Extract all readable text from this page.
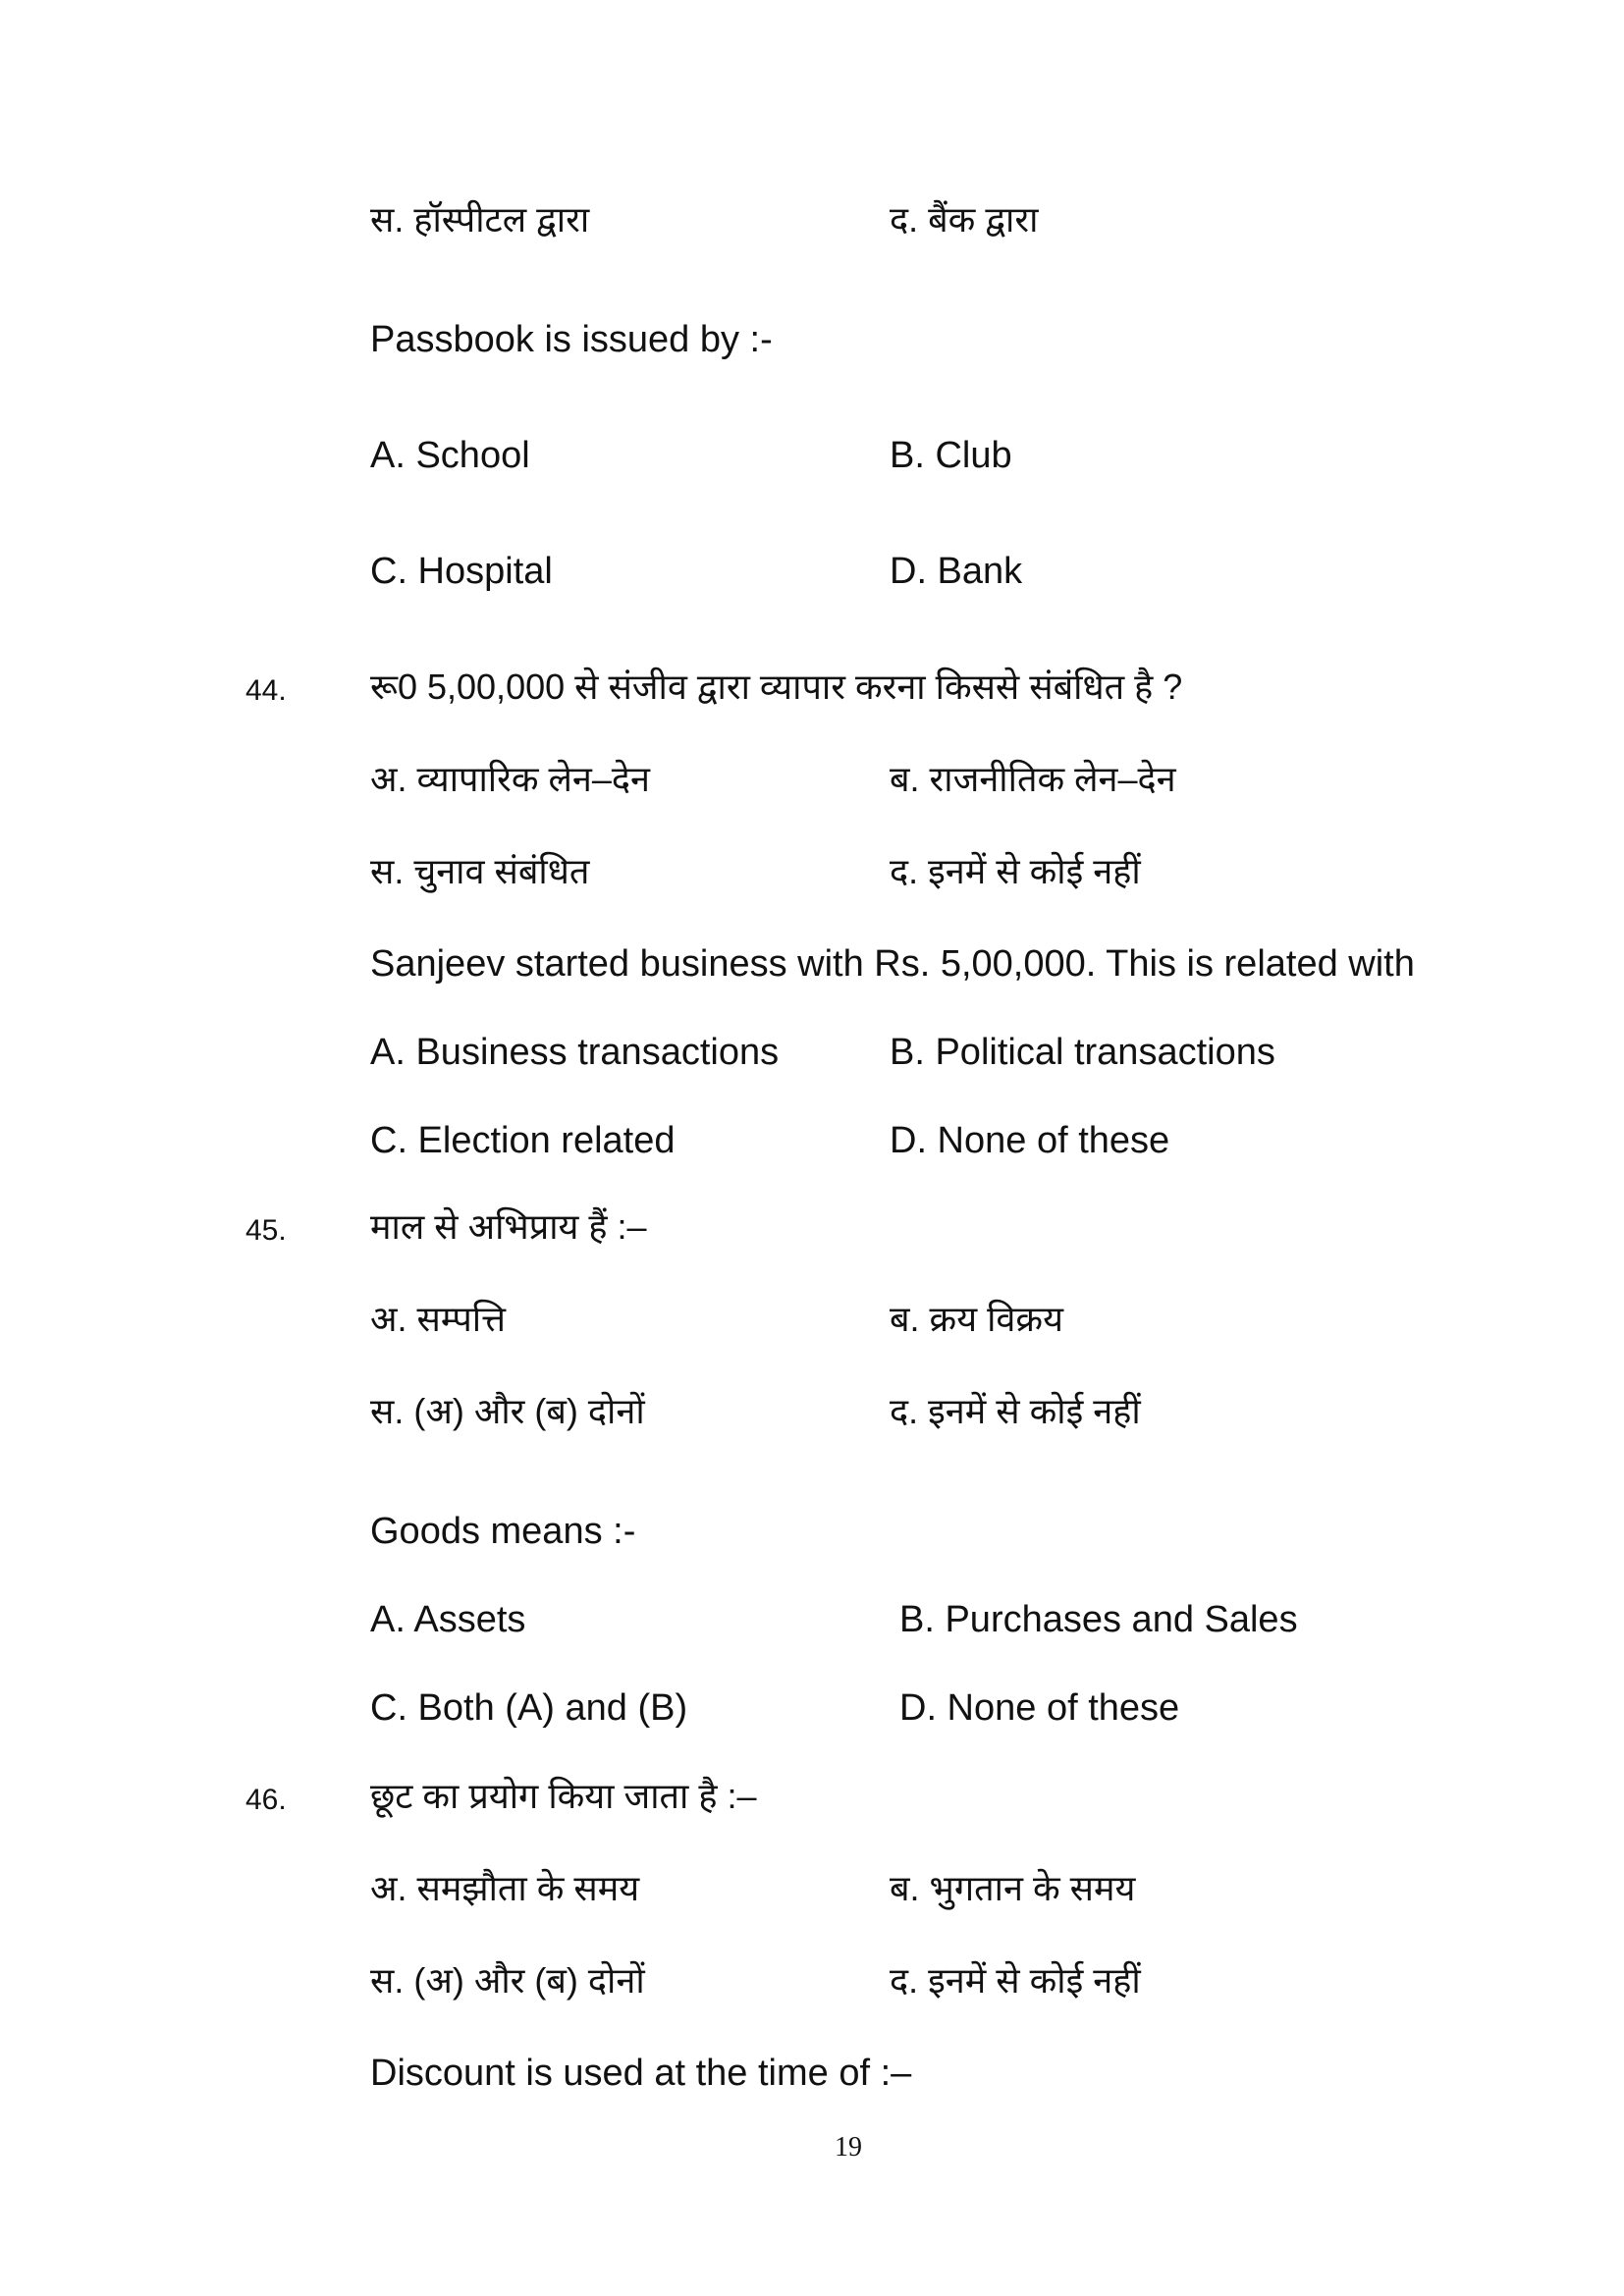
स. हॉस्पीटल द्वारा	द. बैंक द्वारा
Passbook is issued by :-
A. School	B. Club
C. Hospital	D. Bank
44. रू0 5,00,000 से संजीव द्वारा व्यापार करना किससे संबंधित है ?
अ. व्यापारिक लेन–देन	ब. राजनीतिक लेन–देन
स. चुनाव संबंधित	द. इनमें से कोई नहीं
Sanjeev started business with Rs. 5,00,000. This is related with
A. Business transactions	B. Political transactions
C. Election related	D. None of these
45. माल से अभिप्राय हैं :–
अ. सम्पत्ति	ब. क्रय विक्रय
स. (अ) और (ब) दोनों	द. इनमें से कोई नहीं
Goods means :-
A. Assets	B. Purchases and Sales
C. Both (A) and (B)	D. None of these
46. छूट का प्रयोग किया जाता है :–
अ. समझौता के समय	ब. भुगतान के समय
स. (अ) और (ब) दोनों	द. इनमें से कोई नहीं
Discount is used at the time of :–
19
